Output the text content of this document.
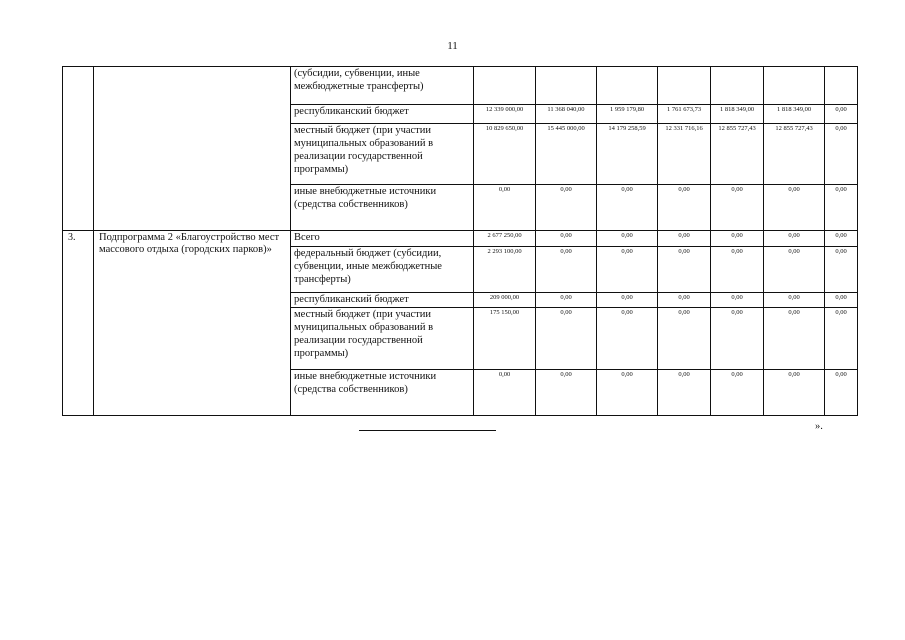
11
		(субсидии, субвенции, иные межбюджетные трансферты)							
		республиканский бюджет	12 339 000,00	11 368 040,00	1 959 179,80	1 761 673,73	1 818 349,00	1 818 349,00	0,00
		местный бюджет (при участии муниципальных образований в реализации государственной программы)	10 829 650,00	15 445 000,00	14 179 258,59	12 331 716,16	12 855 727,43	12 855 727,43	0,00
		иные внебюджетные источники (средства собственников)	0,00	0,00	0,00	0,00	0,00	0,00	0,00
3.	Подпрограмма 2 «Благоустройство мест массового отдыха (городских парков)»	Всего	2 677 250,00	0,00	0,00	0,00	0,00	0,00	0,00
		федеральный бюджет (субсидии, субвенции, иные межбюджетные трансферты)	2 293 100,00	0,00	0,00	0,00	0,00	0,00	0,00
		республиканский бюджет	209 000,00	0,00	0,00	0,00	0,00	0,00	0,00
		местный бюджет (при участии муниципальных образований в реализации государственной программы)	175 150,00	0,00	0,00	0,00	0,00	0,00	0,00
		иные внебюджетные источники (средства собственников)	0,00	0,00	0,00	0,00	0,00	0,00	0,00
».
